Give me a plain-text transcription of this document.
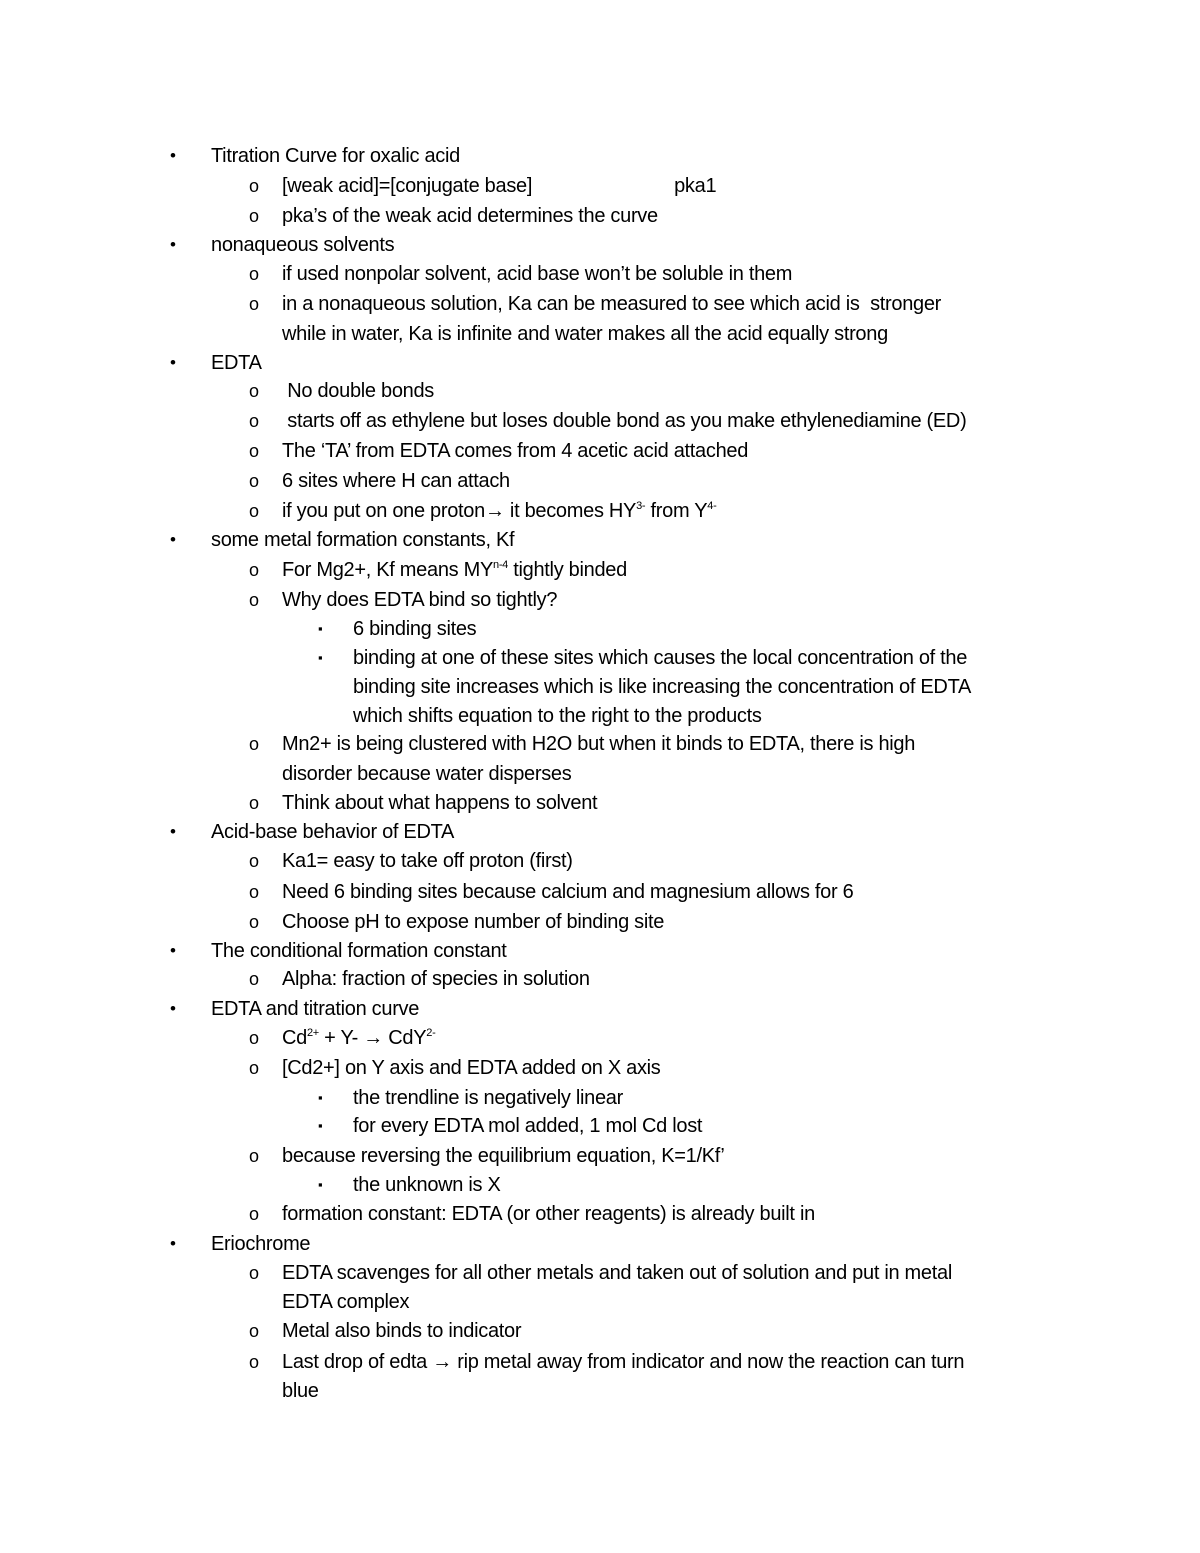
• Titration Curve for oxalic acid
o [weak acid]=[conjugate base]	pka1
o pka’s of the weak acid determines the curve
• nonaqueous solvents
o if used nonpolar solvent, acid base won’t be soluble in them
o in a nonaqueous solution, Ka can be measured to see which acid is  stronger
while in water, Ka is infinite and water makes all the acid equally strong
• EDTA
o No double bonds
o starts off as ethylene but loses double bond as you make ethylenediamine (ED)
o The ‘TA’ from EDTA comes from 4 acetic acid attached
o 6 sites where H can attach
o if you put on one proton→ it becomes $HY^{3-}$ from $Y^{4-}$
• some metal formation constants, Kf
o For Mg2+, Kf means MY$^{n-4}$ tightly binded
o Why does EDTA bind so tightly?
▪ 6 binding sites
▪ binding at one of these sites which causes the local concentration of the
binding site increases which is like increasing the concentration of EDTA
which shifts equation to the right to the products
o Mn2+ is being clustered with H2O but when it binds to EDTA, there is high
disorder because water disperses
o Think about what happens to solvent
• Acid-base behavior of EDTA
o Ka1= easy to take off proton (first)
o Need 6 binding sites because calcium and magnesium allows for 6
o Choose pH to expose number of binding site
• The conditional formation constant
o Alpha: fraction of species in solution
• EDTA and titration curve
o $Cd^{2+} + Y- \to CdY^{2-}$
o [Cd2+] on Y axis and EDTA added on X axis
▪ the trendline is negatively linear
▪ for every EDTA mol added, 1 mol Cd lost
o because reversing the equilibrium equation, K=1/Kf’
▪ the unknown is X
o formation constant: EDTA (or other reagents) is already built in
• Eriochrome
o EDTA scavenges for all other metals and taken out of solution and put in metal
EDTA complex
o Metal also binds to indicator
o Last drop of edta → rip metal away from indicator and now the reaction can turn
blue
